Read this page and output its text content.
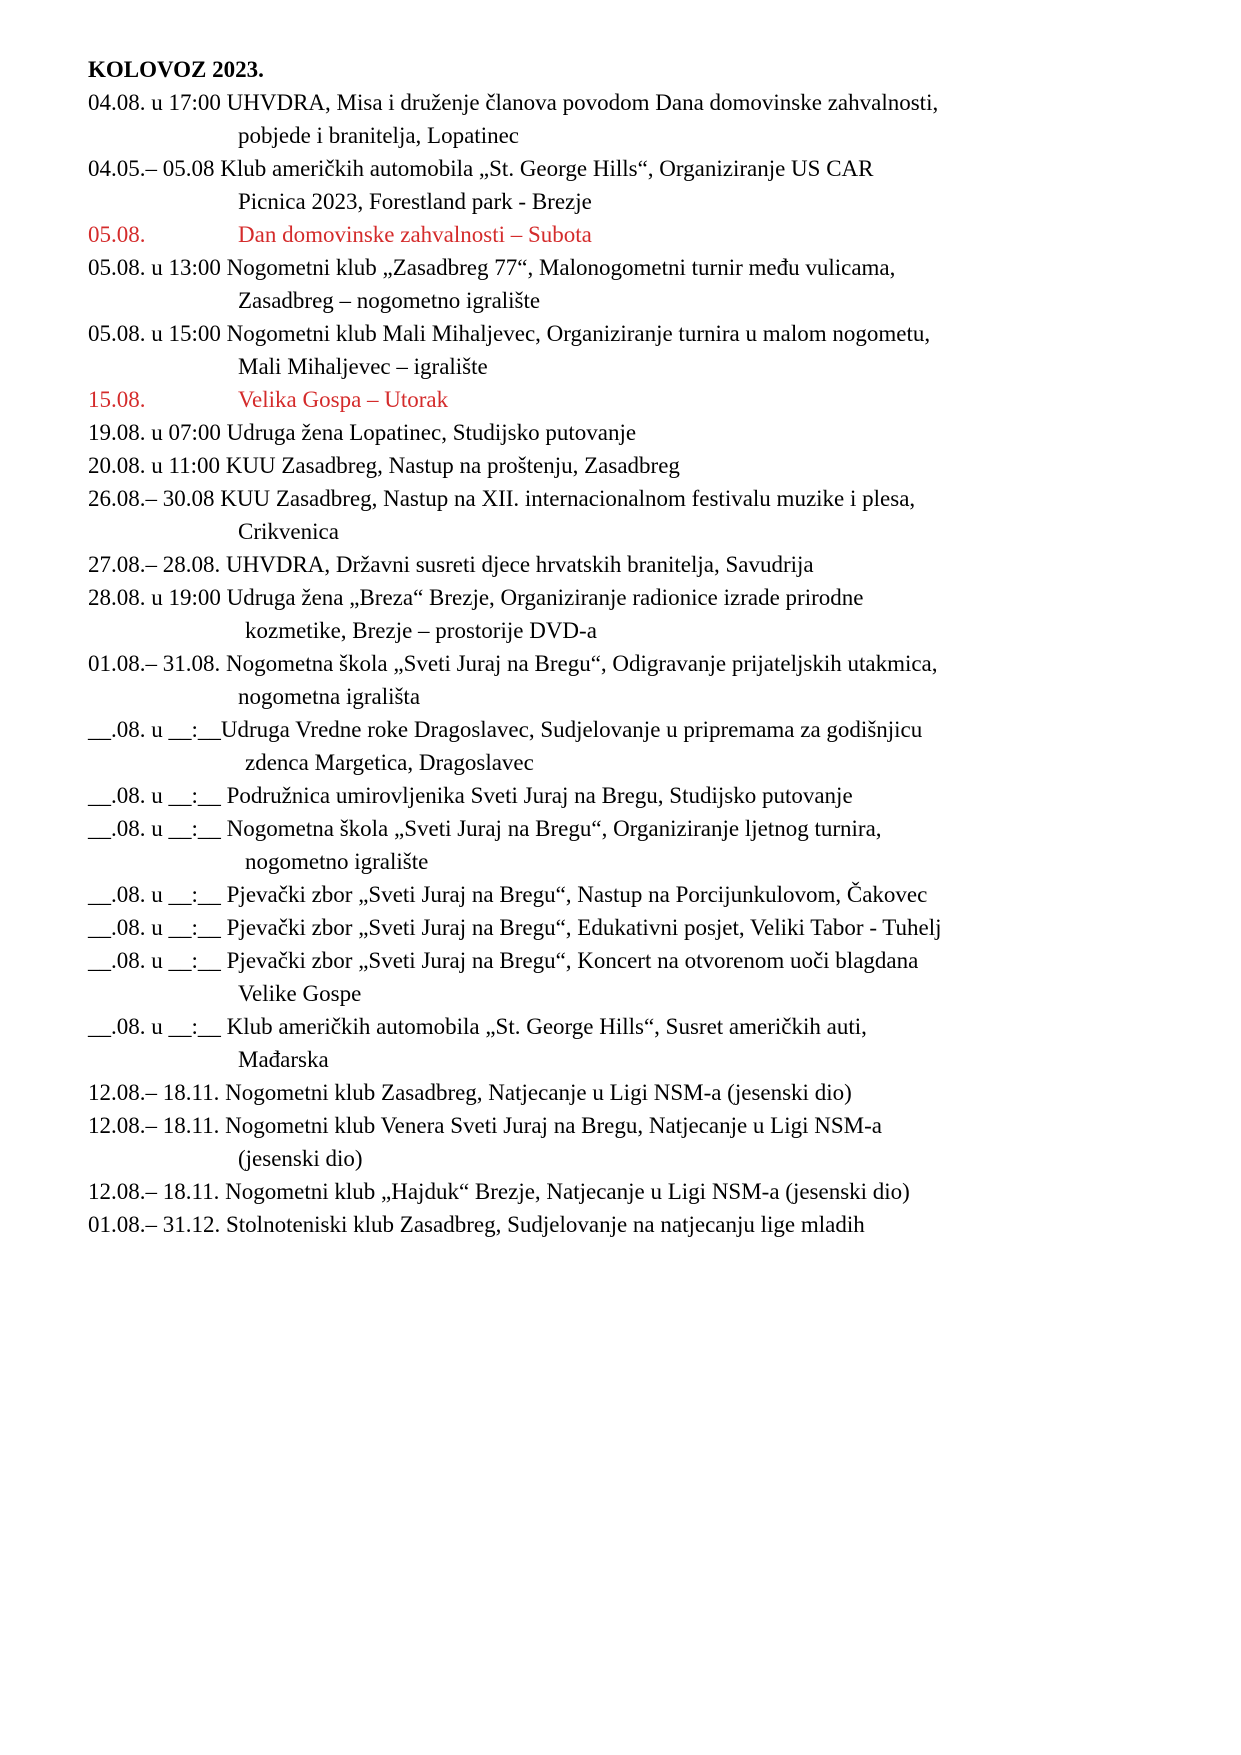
KOLOVOZ 2023.
04.08. u 17:00 UHVDRA, Misa i druženje članova povodom Dana domovinske zahvalnosti,
pobjede i branitelja, Lopatinec
04.05.– 05.08 Klub američkih automobila „St. George Hills“, Organiziranje US CAR
Picnica 2023, Forestland park - Brezje
05.08.	Dan domovinske zahvalnosti – Subota
05.08. u 13:00 Nogometni klub „Zasadbreg 77“, Malonogometni turnir među vulicama,
Zasadbreg – nogometno igralište
05.08. u 15:00 Nogometni klub Mali Mihaljevec, Organiziranje turnira u malom nogometu,
Mali Mihaljevec – igralište
15.08.	Velika Gospa – Utorak
19.08. u 07:00 Udruga žena Lopatinec, Studijsko putovanje
20.08. u 11:00 KUU Zasadbreg, Nastup na proštenju, Zasadbreg
26.08.– 30.08 KUU Zasadbreg, Nastup na XII. internacionalnom festivalu muzike i plesa,
Crikvenica
27.08.– 28.08. UHVDRA, Državni susreti djece hrvatskih branitelja, Savudrija
28.08. u 19:00 Udruga žena „Breza“ Brezje, Organiziranje radionice izrade prirodne
kozmetike, Brezje – prostorije DVD-a
01.08.– 31.08. Nogometna škola „Sveti Juraj na Bregu“, Odigravanje prijateljskih utakmica,
nogometna igrališta
__.08. u __:__Udruga Vredne roke Dragoslavec, Sudjelovanje u pripremama za godišnjicu
zdenca Margetica, Dragoslavec
__.08. u __:__ Podružnica umirovljenika Sveti Juraj na Bregu, Studijsko putovanje
__.08. u __:__ Nogometna škola „Sveti Juraj na Bregu“, Organiziranje ljetnog turnira,
nogometno igralište
__.08. u __:__ Pjevački zbor „Sveti Juraj na Bregu“, Nastup na Porcijunkulovom, Čakovec
__.08. u __:__ Pjevački zbor „Sveti Juraj na Bregu“, Edukativni posjet, Veliki Tabor - Tuhelj
__.08. u __:__ Pjevački zbor „Sveti Juraj na Bregu“, Koncert na otvorenom uoči blagdana
Velike Gospe
__.08. u __:__ Klub američkih automobila „St. George Hills“, Susret američkih auti,
Mađarska
12.08.– 18.11. Nogometni klub Zasadbreg, Natjecanje u Ligi NSM-a (jesenski dio)
12.08.– 18.11. Nogometni klub Venera Sveti Juraj na Bregu, Natjecanje u Ligi NSM-a
(jesenski dio)
12.08.– 18.11. Nogometni klub „Hajduk“ Brezje, Natjecanje u Ligi NSM-a (jesenski dio)
01.08.– 31.12. Stolnoteniski klub Zasadbreg, Sudjelovanje na natjecanju lige mladih
